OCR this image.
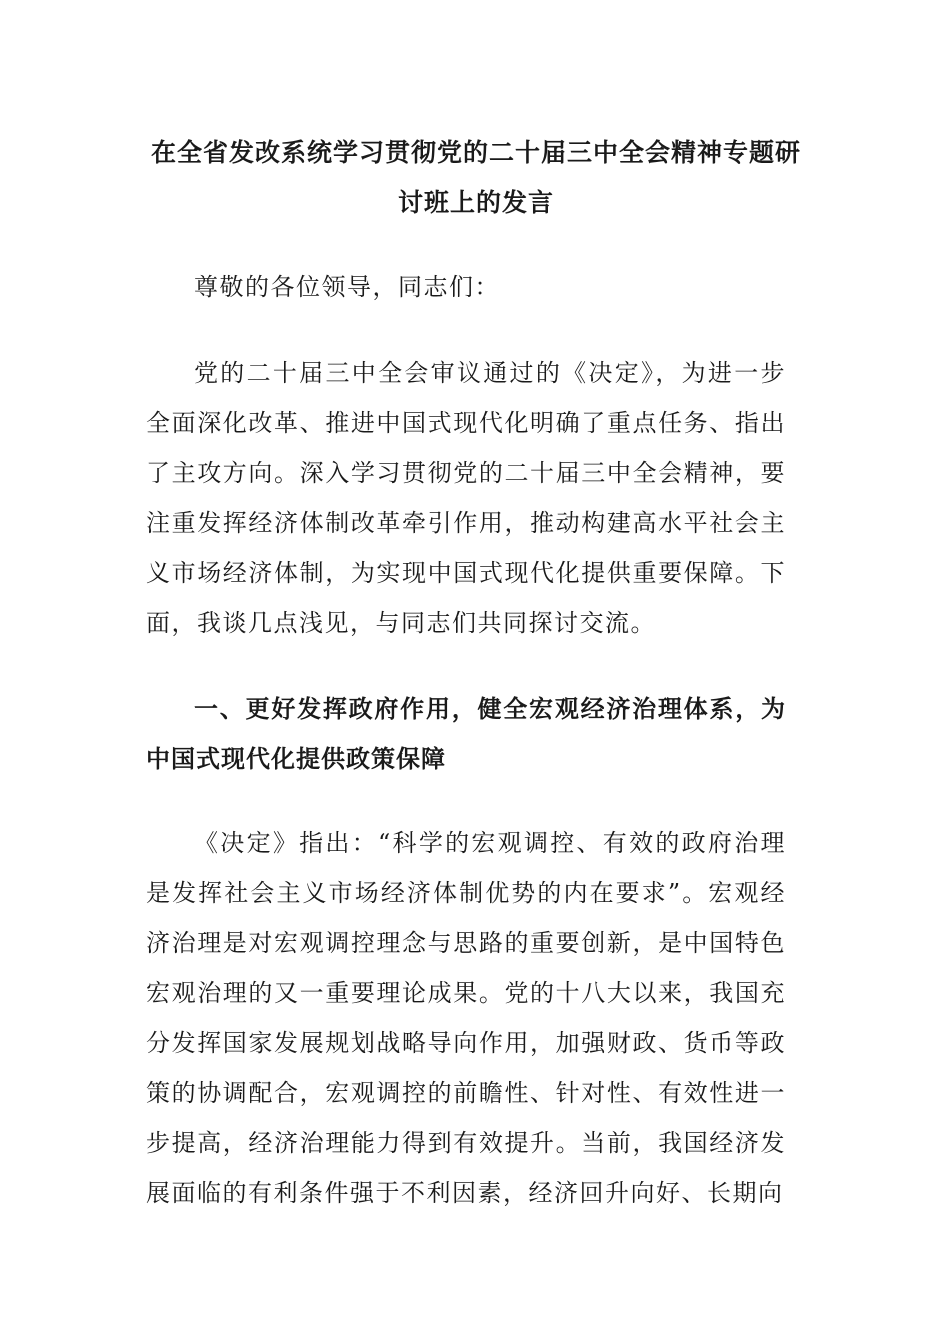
在全省发改系统学习贯彻党的二十届三中全会精神专题研讨班上的发言

尊敬的各位领导，同志们：

党的二十届三中全会审议通过的《决定》，为进一步全面深化改革、推进中国式现代化明确了重点任务、指出了主攻方向。深入学习贯彻党的二十届三中全会精神，要注重发挥经济体制改革牵引作用，推动构建高水平社会主义市场经济体制，为实现中国式现代化提供重要保障。下面，我谈几点浅见，与同志们共同探讨交流。

一、更好发挥政府作用，健全宏观经济治理体系，为中国式现代化提供政策保障

《决定》指出：“科学的宏观调控、有效的政府治理是发挥社会主义市场经济体制优势的内在要求”。宏观经济治理是对宏观调控理念与思路的重要创新，是中国特色宏观治理的又一重要理论成果。党的十八大以来，我国充分发挥国家发展规划战略导向作用，加强财政、货币等政策的协调配合，宏观调控的前瞻性、针对性、有效性进一步提高，经济治理能力得到有效提升。当前，我国经济发展面临的有利条件强于不利因素，经济回升向好、长期向
